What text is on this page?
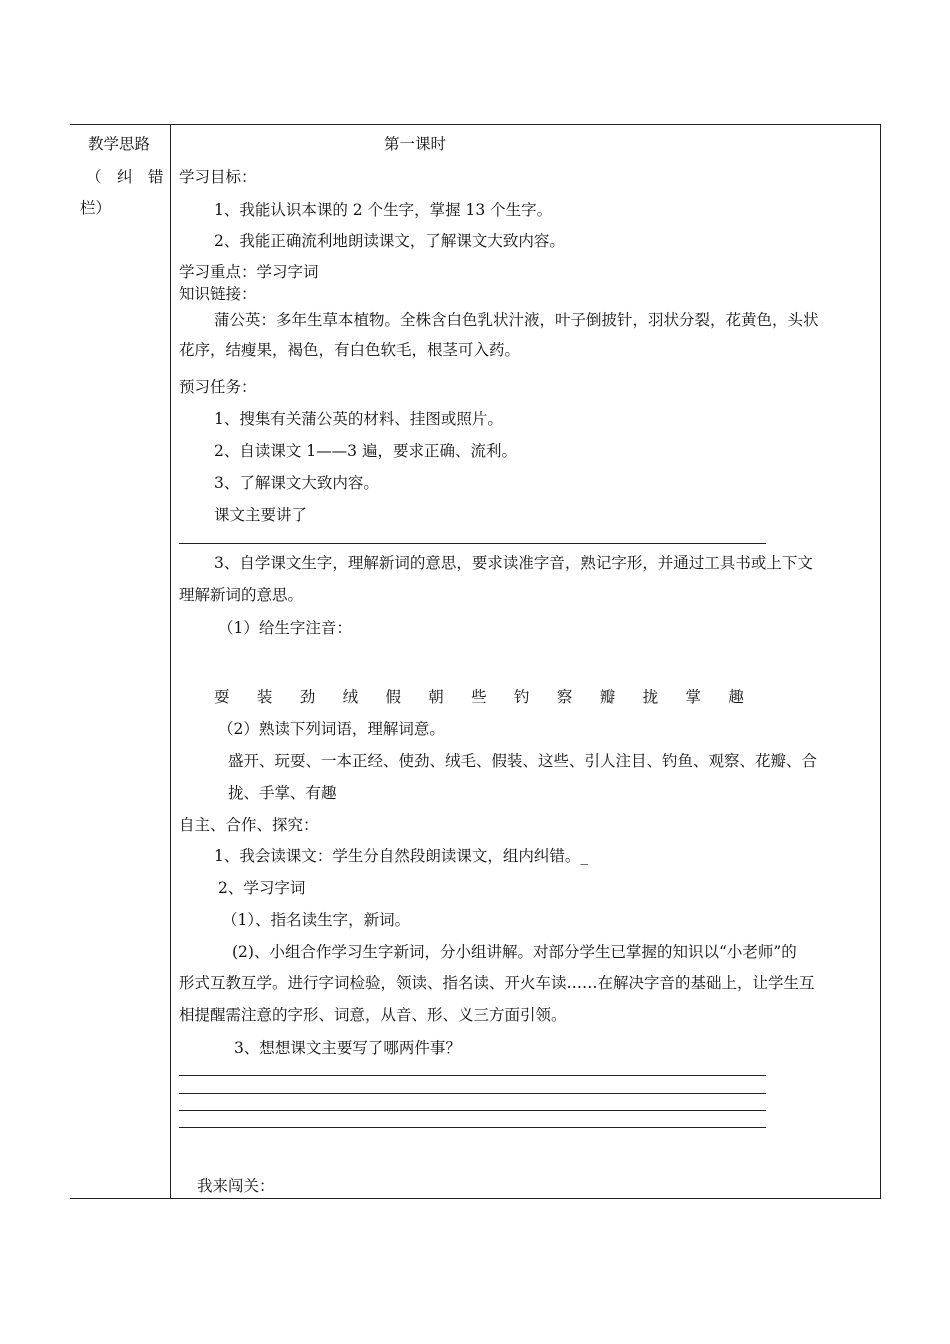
教学思路
（　纠　错
栏）
第一课时
学习目标：
1、我能认识本课的 2 个生字，掌握 13 个生字。
2、我能正确流利地朗读课文，了解课文大致内容。
学习重点：学习字词
知识链接：
蒲公英：多年生草本植物。全株含白色乳状汁液，叶子倒披针，羽状分裂，花黄色，头状
花序，结瘦果，褐色，有白色软毛，根茎可入药。
预习任务：
1、搜集有关蒲公英的材料、挂图或照片。
2、自读课文 1——3 遍，要求正确、流利。
3、了解课文大致内容。
课文主要讲了
3、自学课文生字，理解新词的意思，要求读准字音，熟记字形，并通过工具书或上下文
理解新词的意思。
（1）给生字注音：
耍 装 劲 绒 假 朝 些 钓 察 瓣 拢 掌 趣
（2）熟读下列词语，理解词意。
盛开、玩耍、一本正经、使劲、绒毛、假装、这些、引人注目、钓鱼、观察、花瓣、合
拢、手掌、有趣
自主、合作、探究：
1、我会读课文：学生分自然段朗读课文，组内纠错。_
2、学习字词
（1）、指名读生字，新词。
(2)、小组合作学习生字新词，分小组讲解。对部分学生已掌握的知识以“小老师”的
形式互教互学。进行字词检验，领读、指名读、开火车读……在解决字音的基础上，让学生互
相提醒需注意的字形、词意，从音、形、义三方面引领。
3、想想课文主要写了哪两件事？
我来闯关：
